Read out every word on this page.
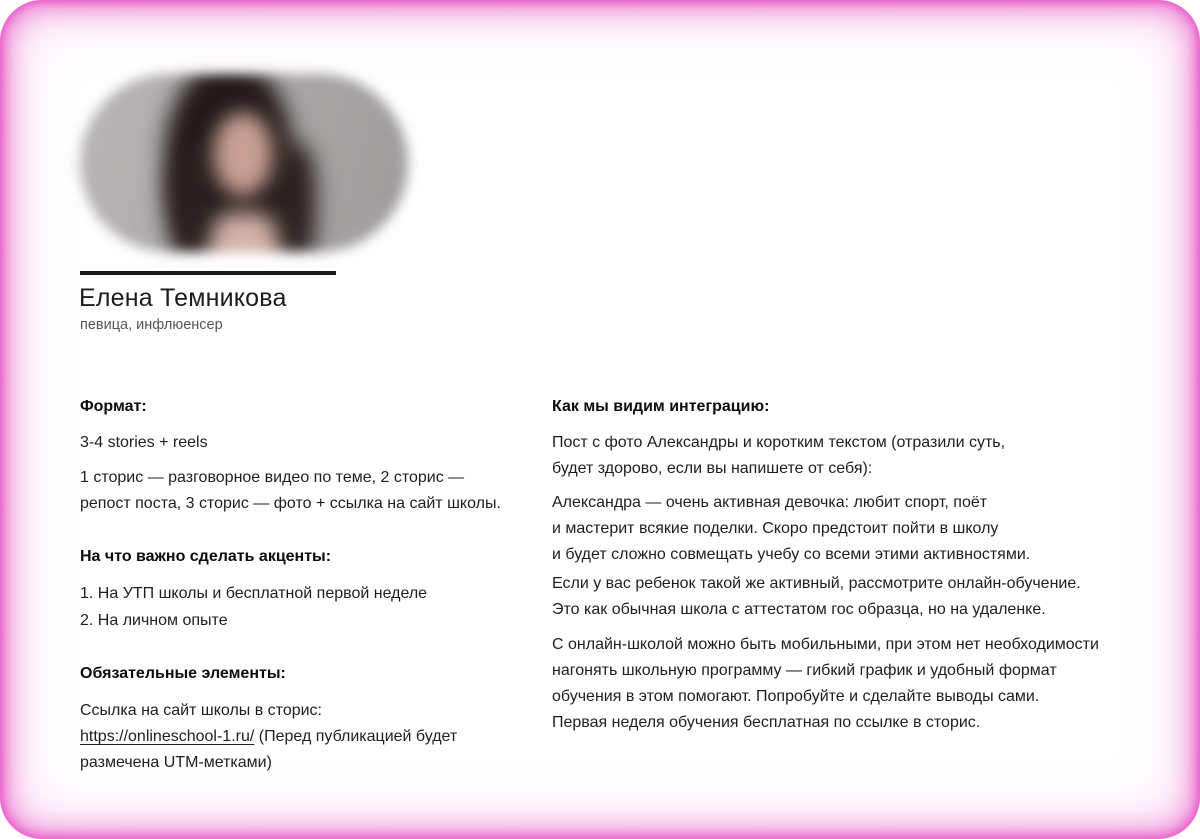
Елена Темникова
певица, инфлюенсер
Формат:
3-4 stories + reels
1 сторис — разговорное видео по теме, 2 сторис —
репост поста, 3 сторис — фото + ссылка на сайт школы.
На что важно сделать акценты:
1. На УТП школы и бесплатной первой неделе
2. На личном опыте
Обязательные элементы:
Ссылка на сайт школы в сторис:
https://onlineschool-1.ru/ (Перед публикацией будет
размечена UTM-метками)
Как мы видим интеграцию:
Пост с фото Александры и коротким текстом (отразили суть,
будет здорово, если вы напишете от себя):
Александра — очень активная девочка: любит спорт, поёт
и мастерит всякие поделки. Скоро предстоит пойти в школу
и будет сложно совмещать учебу со всеми этими активностями.
Если у вас ребенок такой же активный, рассмотрите онлайн-обучение.
Это как обычная школа с аттестатом гос образца, но на удаленке.
С онлайн-школой можно быть мобильными, при этом нет необходимости
нагонять школьную программу — гибкий график и удобный формат
обучения в этом помогают. Попробуйте и сделайте выводы сами.
Первая неделя обучения бесплатная по ссылке в сторис.
